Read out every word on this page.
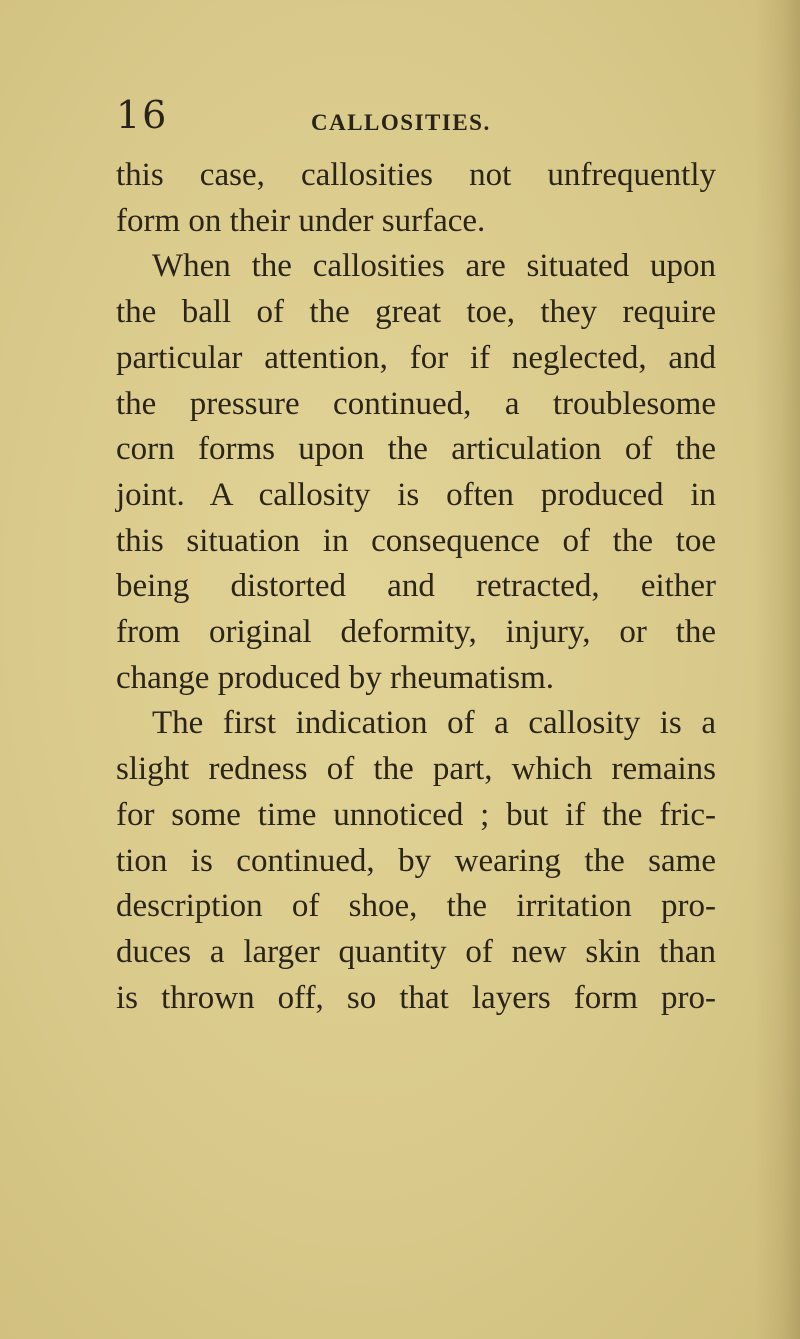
16	CALLOSITIES.
this case, callosities not unfrequently
form on their under surface.
When the callosities are situated upon
the ball of the great toe, they require
particular attention, for if neglected, and
the pressure continued, a troublesome
corn forms upon the articulation of the
joint. A callosity is often produced in
this situation in consequence of the toe
being distorted and retracted, either
from original deformity, injury, or the
change produced by rheumatism.
The first indication of a callosity is a
slight redness of the part, which remains
for some time unnoticed ; but if the fric-
tion is continued, by wearing the same
description of shoe, the irritation pro-
duces a larger quantity of new skin than
is thrown off, so that layers form pro-
